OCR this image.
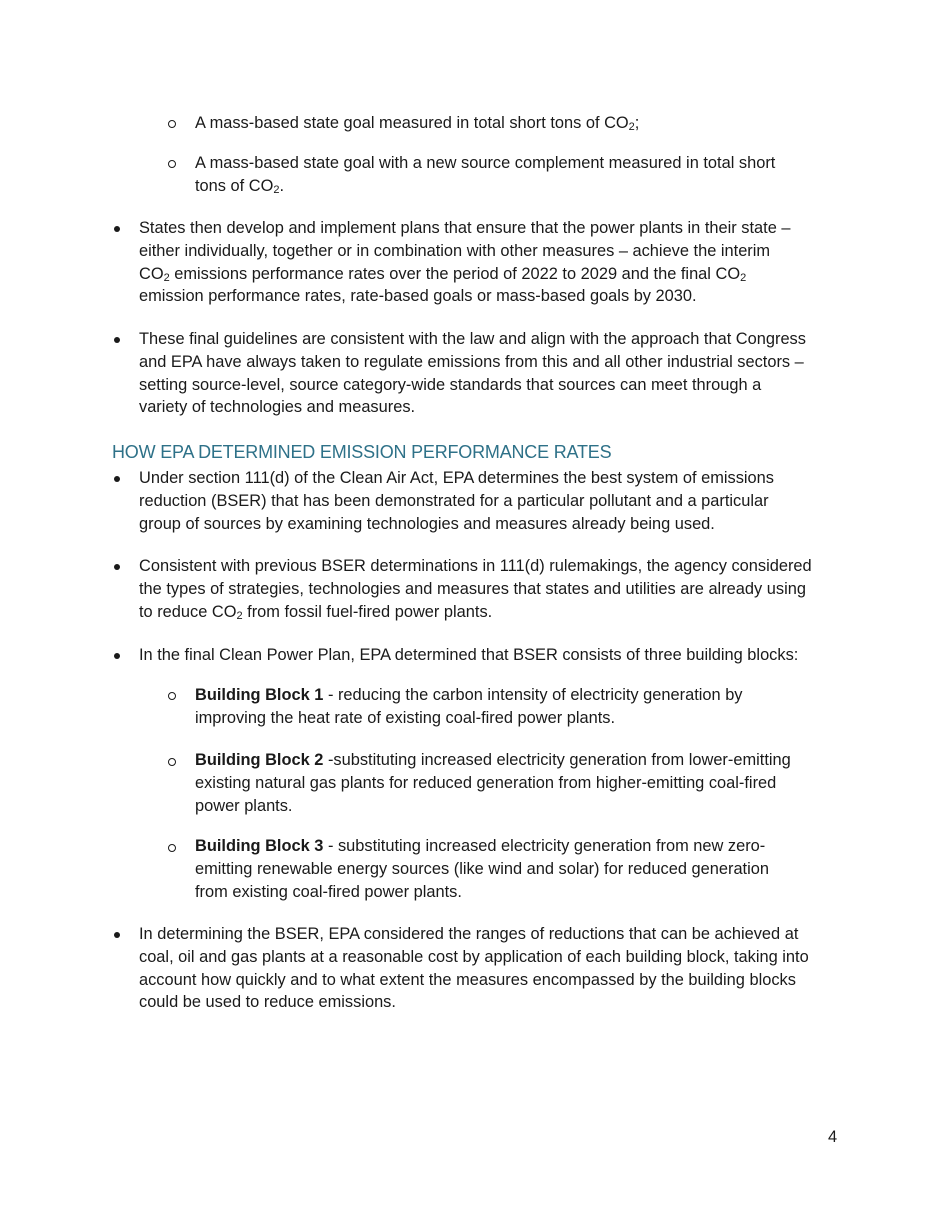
A mass-based state goal measured in total short tons of $CO_2$;
A mass-based state goal with a new source complement measured in total short
tons of $CO_2$.
States then develop and implement plans that ensure that the power plants in their state –
either individually, together or in combination with other measures – achieve the interim
$CO_2$ emissions performance rates over the period of 2022 to 2029 and the final $CO_2$
emission performance rates, rate-based goals or mass-based goals by 2030.
These final guidelines are consistent with the law and align with the approach that Congress
and EPA have always taken to regulate emissions from this and all other industrial sectors –
setting source-level, source category-wide standards that sources can meet through a
variety of technologies and measures.
HOW EPA DETERMINED EMISSION PERFORMANCE RATES
Under section 111(d) of the Clean Air Act, EPA determines the best system of emissions
reduction (BSER) that has been demonstrated for a particular pollutant and a particular
group of sources by examining technologies and measures already being used.
Consistent with previous BSER determinations in 111(d) rulemakings, the agency considered
the types of strategies, technologies and measures that states and utilities are already using
to reduce $CO_2$ from fossil fuel-fired power plants.
In the final Clean Power Plan, EPA determined that BSER consists of three building blocks:
Building Block 1 - reducing the carbon intensity of electricity generation by
improving the heat rate of existing coal-fired power plants.
Building Block 2 -substituting increased electricity generation from lower-emitting
existing natural gas plants for reduced generation from higher-emitting coal-fired
power plants.
Building Block 3 - substituting increased electricity generation from new zero-
emitting renewable energy sources (like wind and solar) for reduced generation
from existing coal-fired power plants.
In determining the BSER, EPA considered the ranges of reductions that can be achieved at
coal, oil and gas plants at a reasonable cost by application of each building block, taking into
account how quickly and to what extent the measures encompassed by the building blocks
could be used to reduce emissions.
4
